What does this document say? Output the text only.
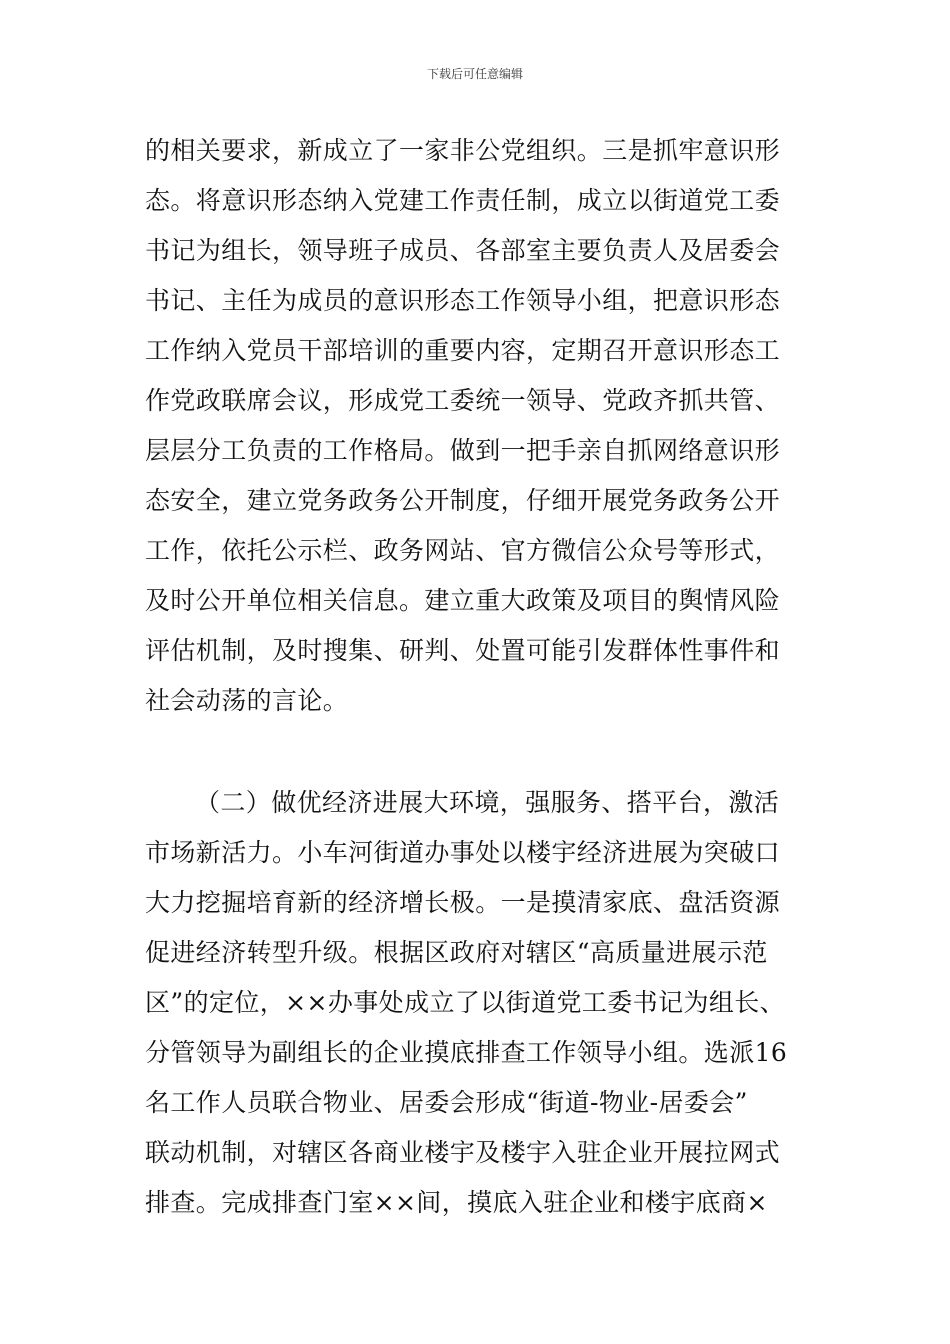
下载后可任意编辑
的相关要求，新成立了一家非公党组织。三是抓牢意识形
态。将意识形态纳入党建工作责任制，成立以街道党工委
书记为组长，领导班子成员、各部室主要负责人及居委会
书记、主任为成员的意识形态工作领导小组，把意识形态
工作纳入党员干部培训的重要内容，定期召开意识形态工
作党政联席会议，形成党工委统一领导、党政齐抓共管、
层层分工负责的工作格局。做到一把手亲自抓网络意识形
态安全，建立党务政务公开制度，仔细开展党务政务公开
工作，依托公示栏、政务网站、官方微信公众号等形式，
及时公开单位相关信息。建立重大政策及项目的舆情风险
评估机制，及时搜集、研判、处置可能引发群体性事件和
社会动荡的言论。
（二）做优经济进展大环境，强服务、搭平台，激活
市场新活力。小车河街道办事处以楼宇经济进展为突破口
大力挖掘培育新的经济增长极。一是摸清家底、盘活资源
促进经济转型升级。根据区政府对辖区“高质量进展示范
区”的定位，××办事处成立了以街道党工委书记为组长、
分管领导为副组长的企业摸底排查工作领导小组。选派16
名工作人员联合物业、居委会形成“街道-物业-居委会”
联动机制，对辖区各商业楼宇及楼宇入驻企业开展拉网式
排查。完成排查门室××间，摸底入驻企业和楼宇底商×
